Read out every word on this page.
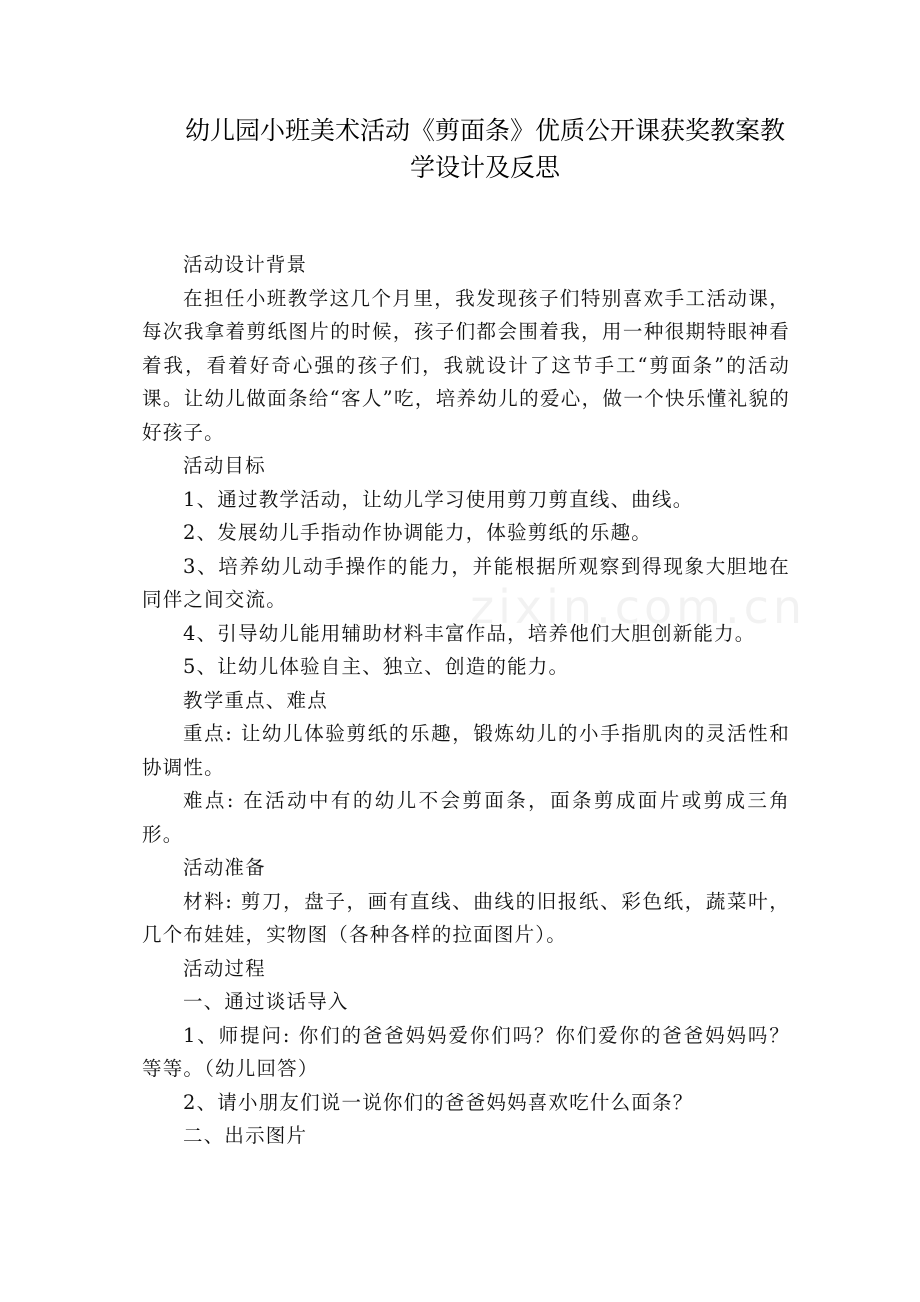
幼儿园小班美术活动《剪面条》优质公开课获奖教案教
学设计及反思
zixin.com.cn

活动设计背景

在担任小班教学这几个月里，我发现孩子们特别喜欢手工活动课，每次我拿着剪纸图片的时候，孩子们都会围着我，用一种很期特眼神看着我，看着好奇心强的孩子们，我就设计了这节手工“剪面条”的活动课。让幼儿做面条给“客人”吃，培养幼儿的爱心，做一个快乐懂礼貌的好孩子。

活动目标

1、通过教学活动，让幼儿学习使用剪刀剪直线、曲线。

2、发展幼儿手指动作协调能力，体验剪纸的乐趣。

3、培养幼儿动手操作的能力，并能根据所观察到得现象大胆地在同伴之间交流。

4、引导幼儿能用辅助材料丰富作品，培养他们大胆创新能力。

5、让幼儿体验自主、独立、创造的能力。

教学重点、难点

重点: 让幼儿体验剪纸的乐趣，锻炼幼儿的小手指肌肉的灵活性和协调性。

难点: 在活动中有的幼儿不会剪面条，面条剪成面片或剪成三角形。

活动准备

材料: 剪刀，盘子，画有直线、曲线的旧报纸、彩色纸，蔬菜叶，几个布娃娃，实物图（各种各样的拉面图片）。

活动过程

一、通过谈话导入

1、师提问: 你们的爸爸妈妈爱你们吗？你们爱你的爸爸妈妈吗？等等。（幼儿回答）

2、请小朋友们说一说你们的爸爸妈妈喜欢吃什么面条？

二、出示图片
